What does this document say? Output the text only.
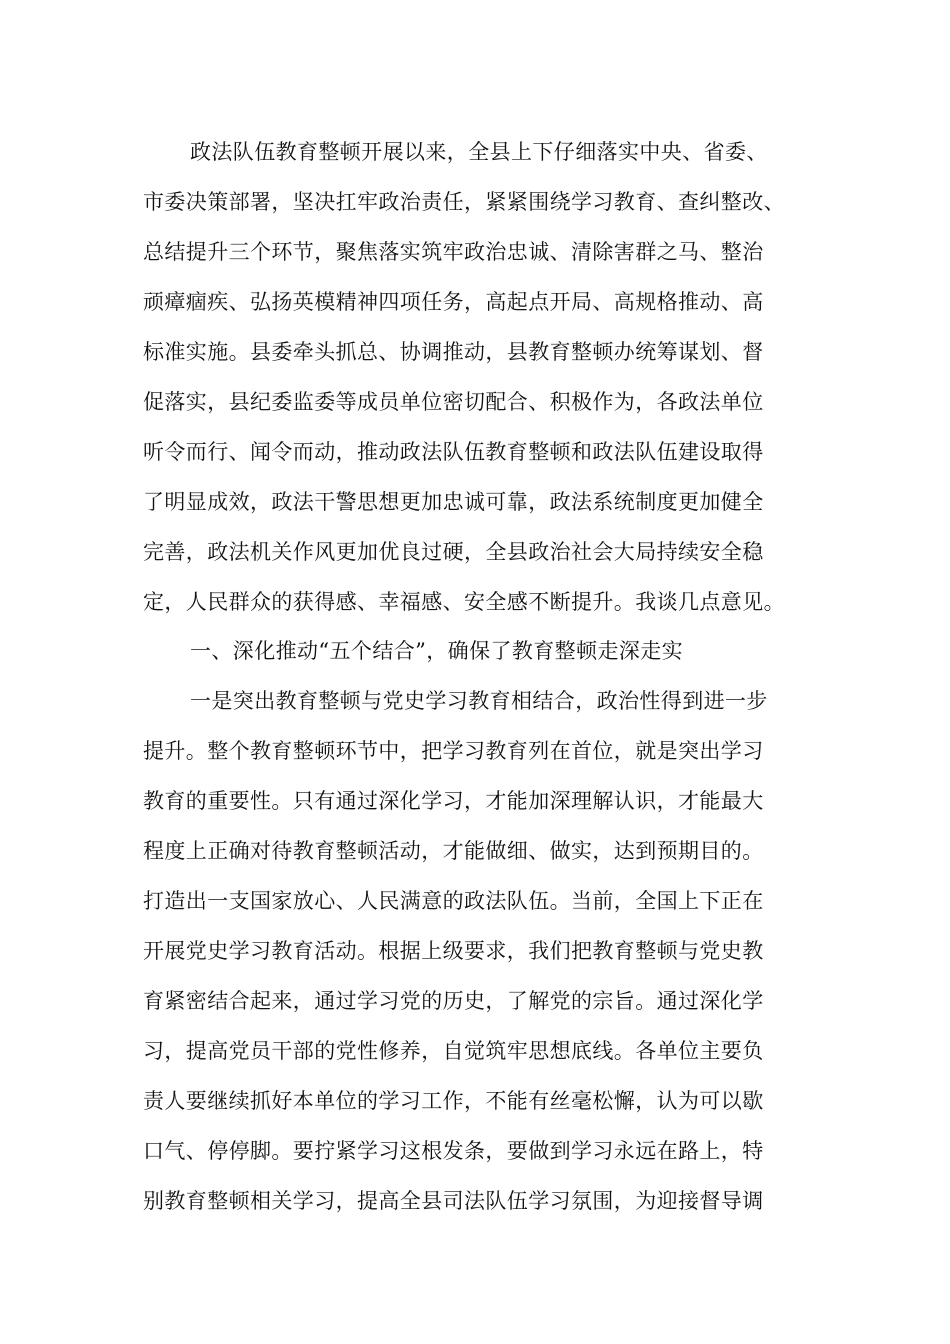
政法队伍教育整顿开展以来，全县上下仔细落实中央、省委、
市委决策部署，坚决扛牢政治责任，紧紧围绕学习教育、查纠整改、
总结提升三个环节，聚焦落实筑牢政治忠诚、清除害群之马、整治
顽瘴痼疾、弘扬英模精神四项任务，高起点开局、高规格推动、高
标准实施。县委牵头抓总、协调推动，县教育整顿办统筹谋划、督
促落实，县纪委监委等成员单位密切配合、积极作为，各政法单位
听令而行、闻令而动，推动政法队伍教育整顿和政法队伍建设取得
了明显成效，政法干警思想更加忠诚可靠，政法系统制度更加健全
完善，政法机关作风更加优良过硬，全县政治社会大局持续安全稳
定，人民群众的获得感、幸福感、安全感不断提升。我谈几点意见。
一、深化推动“五个结合”，确保了教育整顿走深走实
一是突出教育整顿与党史学习教育相结合，政治性得到进一步
提升。整个教育整顿环节中，把学习教育列在首位，就是突出学习
教育的重要性。只有通过深化学习，才能加深理解认识，才能最大
程度上正确对待教育整顿活动，才能做细、做实，达到预期目的。
打造出一支国家放心、人民满意的政法队伍。当前，全国上下正在
开展党史学习教育活动。根据上级要求，我们把教育整顿与党史教
育紧密结合起来，通过学习党的历史，了解党的宗旨。通过深化学
习，提高党员干部的党性修养，自觉筑牢思想底线。各单位主要负
责人要继续抓好本单位的学习工作，不能有丝毫松懈，认为可以歇
口气、停停脚。要拧紧学习这根发条，要做到学习永远在路上，特
别教育整顿相关学习，提高全县司法队伍学习氛围，为迎接督导调
